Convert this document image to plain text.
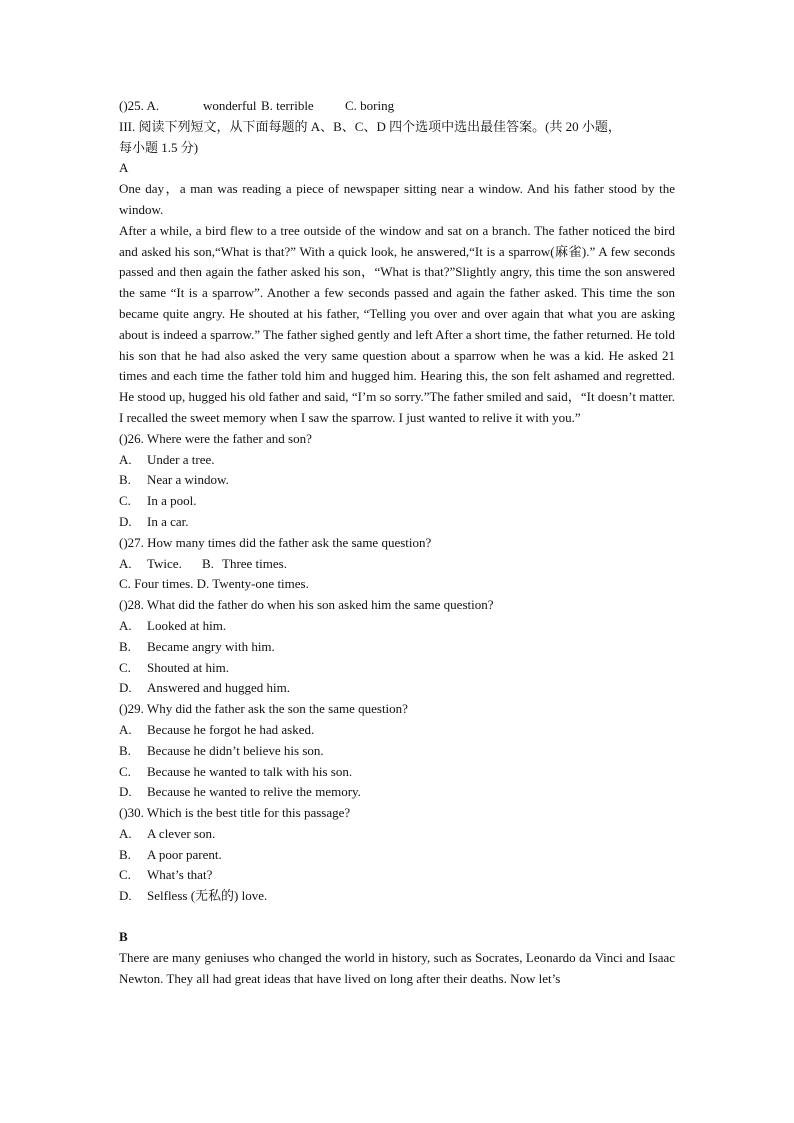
()25. A.	wonderful B. terrible C. boring
III. 阅读下列短文，从下面每题的 A、B、C、D 四个选项中选出最佳答案。(共 20 小题，
每小题 1.5 分)
A
One day，a man was reading a piece of newspaper sitting near a window. And his father stood by the window.
After a while, a bird flew to a tree outside of the window and sat on a branch. The father noticed the bird and asked his son,“What is that?” With a quick look, he answered,“It is a sparrow(麻雀).” A few seconds passed and then again the father asked his son，“What is that?”Slightly angry, this time the son answered the same “It is a sparrow”. Another a few seconds passed and again the father asked. This time the son became quite angry. He shouted at his father, “Telling you over and over again that what you are asking about is indeed a sparrow.” The father sighed gently and left After a short time, the father returned. He told his son that he had also asked the very same question about a sparrow when he was a kid. He asked 21 times and each time the father told him and hugged him. Hearing this, the son felt ashamed and regretted. He stood up, hugged his old father and said, “I’m so sorry.”The father smiled and said，“It doesn’t matter. I recalled the sweet memory when I saw the sparrow. I just wanted to relive it with you.”
()26. Where were the father and son?
A.	Under a tree.
B.	Near a window.
C.	In a pool.
D.	In a car.
()27. How many times did the father ask the same question?
A.	Twice.	B. Three times.
C. Four times. D. Twenty-one times.
()28. What did the father do when his son asked him the same question?
A.	Looked at him.
B.	Became angry with him.
C.	Shouted at him.
D.	Answered and hugged him.
()29. Why did the father ask the son the same question?
A.	Because he forgot he had asked.
B.	Because he didn’t believe his son.
C.	Because he wanted to talk with his son.
D.	Because he wanted to relive the memory.
()30. Which is the best title for this passage?
A.	A clever son.
B.	A poor parent.
C.	What’s that?
D.	Selfless (无私的) love.
B
There are many geniuses who changed the world in history, such as Socrates, Leonardo da Vinci and Isaac Newton. They all had great ideas that have lived on long after their deaths. Now let’s
